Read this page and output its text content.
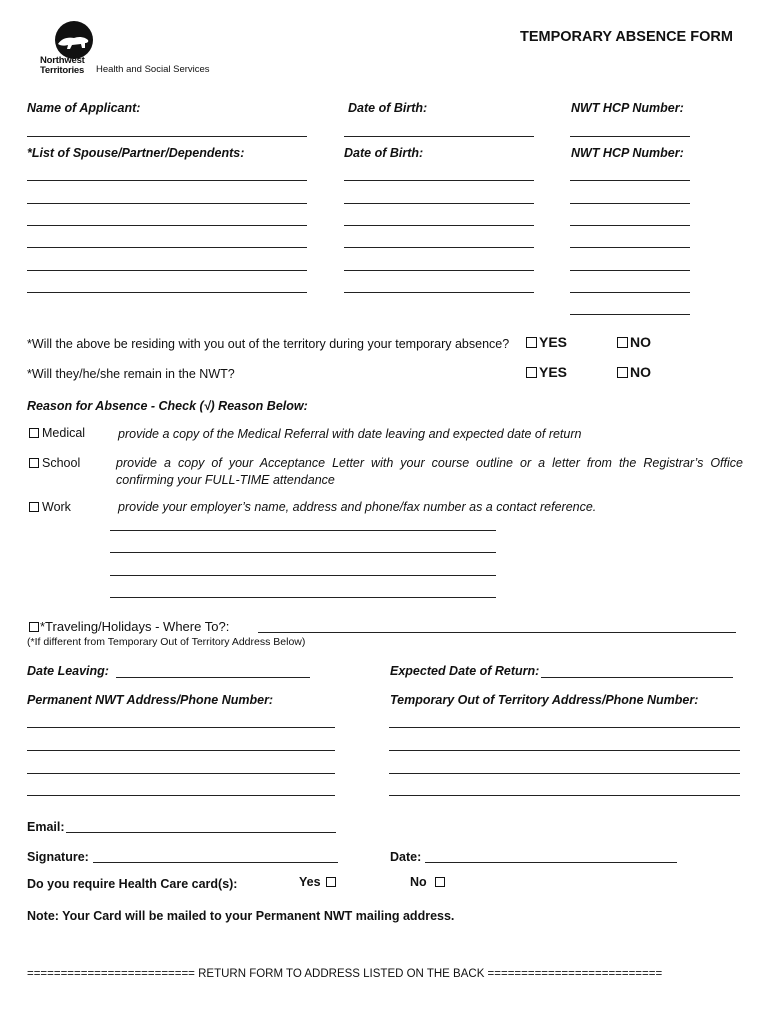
Northwest
Territories Health and Social Services
TEMPORARY ABSENCE FORM
Name of Applicant:	Date of Birth:	NWT HCP Number:
*List of Spouse/Partner/Dependents:	Date of Birth:	NWT HCP Number:
*Will the above be residing with you out of the territory during your temporary absence?	YES	NO
*Will they/he/she remain in the NWT?	YES	NO
Reason for Absence - Check (√) Reason Below:
Medical	provide a copy of the Medical Referral with date leaving and expected date of return
School	provide a copy of your Acceptance Letter with your course outline or a letter from the Registrar’s Office
confirming your FULL-TIME attendance
Work	provide your employer’s name, address and phone/fax number as a contact reference.
*Traveling/Holidays - Where To?:
(*If different from Temporary Out of Territory Address Below)
Date Leaving:	Expected Date of Return:
Permanent NWT Address/Phone Number:	Temporary Out of Territory Address/Phone Number:
Email:
Signature:	Date:
Do you require Health Care card(s):	Yes	No
Note: Your Card will be mailed to your Permanent NWT mailing address.
========================= RETURN FORM TO ADDRESS LISTED ON THE BACK ==========================
